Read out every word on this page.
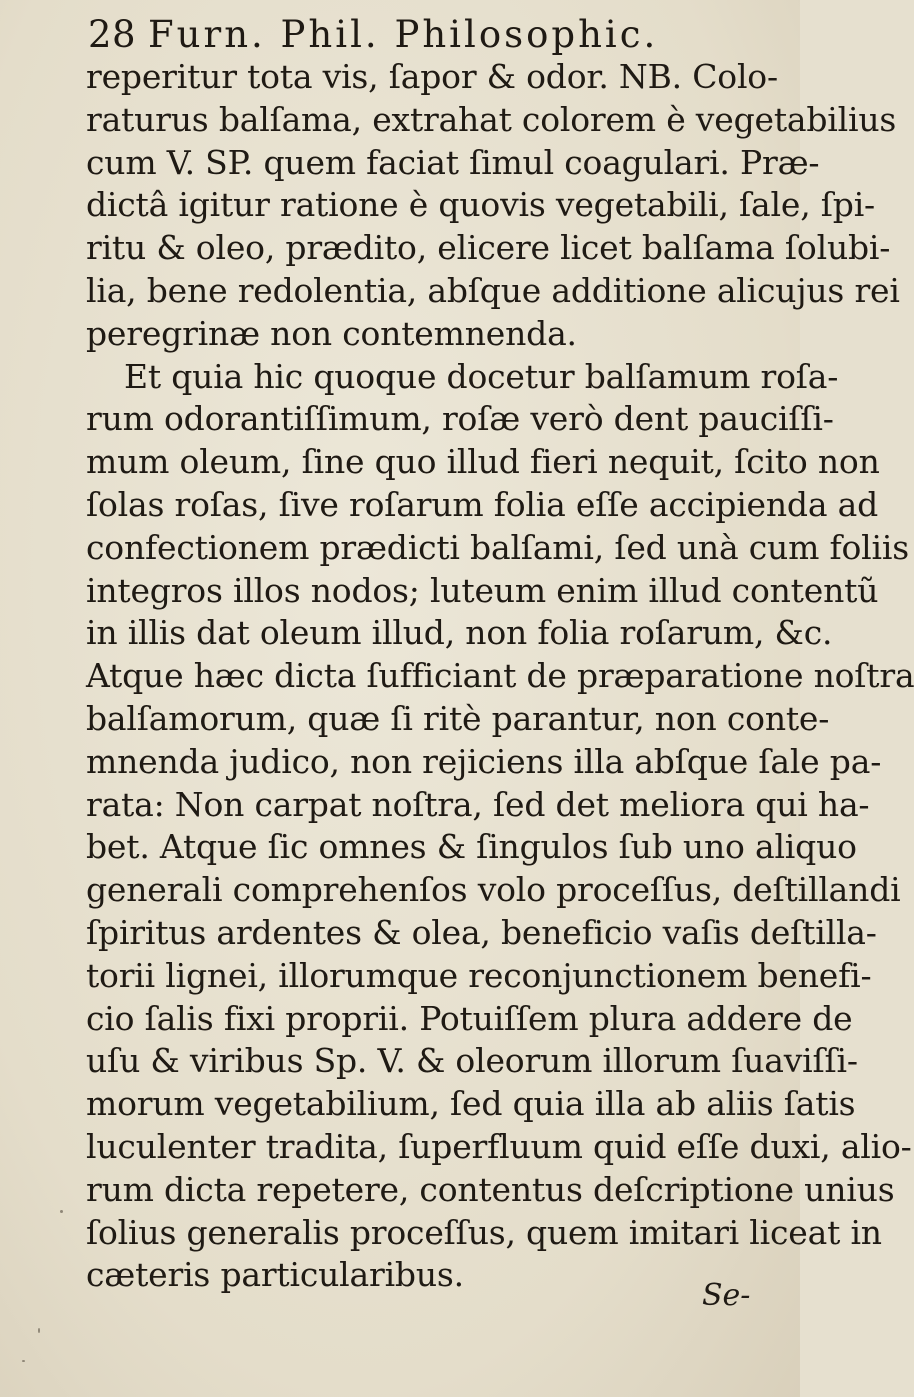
28 Furn. Phil. Philosophic.
reperitur tota vis, ſapor & odor. NB. Colo-
raturus balſama, extrahat colorem è vegetabilius
cum V. SP. quem faciat ſimul coagulari. Præ-
dictâ igitur ratione è quovis vegetabili, ſale, ſpi-
ritu & oleo, prædito, elicere licet balſama ſolubi-
lia, bene redolentia, abſque additione alicujus rei
peregrinæ non contemnenda.
Et quia hic quoque docetur balſamum roſa-
rum odorantiſſimum, roſæ verò dent pauciſſi-
mum oleum, ſine quo illud fieri nequit, ſcito non
ſolas roſas, ſive roſarum folia eſſe accipienda ad
confectionem prædicti balſami, ſed unà cum foliis
integros illos nodos; luteum enim illud contentũ
in illis dat oleum illud, non folia roſarum, &c.
Atque hæc dicta ſufficiant de præparatione noſtra
balſamorum, quæ ſi ritè parantur, non conte-
mnenda judico, non rejiciens illa abſque ſale pa-
rata: Non carpat noſtra, ſed det meliora qui ha-
bet. Atque ſic omnes & ſingulos ſub uno aliquo
generali comprehenſos volo proceſſus, deſtillandi
ſpiritus ardentes & olea, beneficio vaſis deſtilla-
torii lignei, illorumque reconjunctionem benefi-
cio ſalis fixi proprii. Potuiſſem plura addere de
uſu & viribus Sp. V. & oleorum illorum ſuaviſſi-
morum vegetabilium, ſed quia illa ab aliis ſatis
luculenter tradita, ſuperfluum quid eſſe duxi, alio-
rum dicta repetere, contentus deſcriptione unius
ſolius generalis proceſſus, quem imitari liceat in
cæteris particularibus.
Se-
